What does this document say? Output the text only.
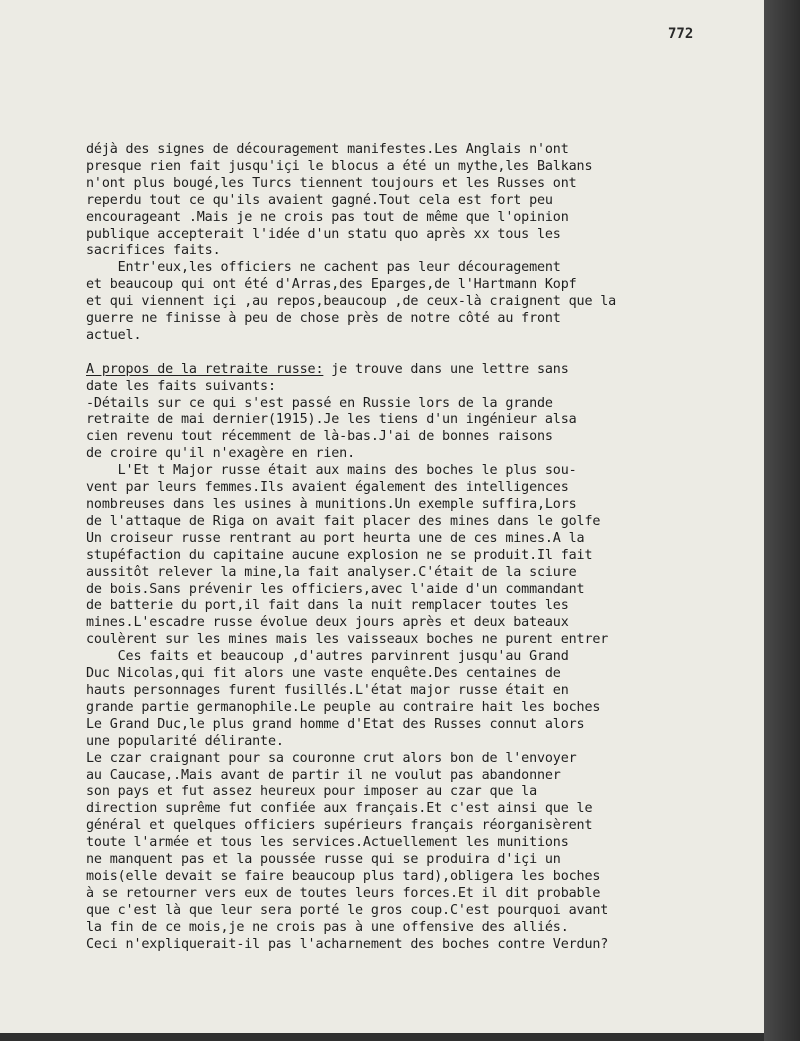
772
déjà des signes de découragement manifestes.Les Anglais n'ont
presque rien fait jusqu'içi le blocus a été un mythe,les Balkans
n'ont plus bougé,les Turcs tiennent toujours et les Russes ont
reperdu tout ce qu'ils avaient gagné.Tout cela est fort peu
encourageant .Mais je ne crois pas tout de même que l'opinion
publique accepterait l'idée d'un statu quo après xx tous les
sacrifices faits.
Entr'eux,les officiers ne cachent pas leur découragement
et beaucoup qui ont été d'Arras,des Eparges,de l'Hartmann Kopf
et qui viennent içi ,au repos,beaucoup ,de ceux-là craignent que la
guerre ne finisse à peu de chose près de notre côté au front
actuel.
A propos de la retraite russe: je trouve dans une lettre sans
date les faits suivants:
-Détails sur ce qui s'est passé en Russie lors de la grande
retraite de mai dernier(1915).Je les tiens d'un ingénieur alsa
cien revenu tout récemment de là-bas.J'ai de bonnes raisons
de croire qu'il n'exagère en rien.
L'Et t Major russe était aux mains des boches le plus sou-
vent par leurs femmes.Ils avaient également des intelligences
nombreuses dans les usines à munitions.Un exemple suffira,Lors
de l'attaque de Riga on avait fait placer des mines dans le golfe
Un croiseur russe rentrant au port heurta une de ces mines.A la
stupéfaction du capitaine aucune explosion ne se produit.Il fait
aussitôt relever la mine,la fait analyser.C'était de la sciure
de bois.Sans prévenir les officiers,avec l'aide d'un commandant
de batterie du port,il fait dans la nuit remplacer toutes les
mines.L'escadre russe évolue deux jours après et deux bateaux
coulèrent sur les mines mais les vaisseaux boches ne purent entrer
Ces faits et beaucoup ,d'autres parvinrent jusqu'au Grand
Duc Nicolas,qui fit alors une vaste enquête.Des centaines de
hauts personnages furent fusillés.L'état major russe était en
grande partie germanophile.Le peuple au contraire hait les boches
Le Grand Duc,le plus grand homme d'Etat des Russes connut alors
une popularité délirante.
Le czar craignant pour sa couronne crut alors bon de l'envoyer
au Caucase,.Mais avant de partir il ne voulut pas abandonner
son pays et fut assez heureux pour imposer au czar que la
direction suprême fut confiée aux français.Et c'est ainsi que le
général et quelques officiers supérieurs français réorganisèrent
toute l'armée et tous les services.Actuellement les munitions
ne manquent pas et la poussée russe qui se produira d'içi un
mois(elle devait se faire beaucoup plus tard),obligera les boches
à se retourner vers eux de toutes leurs forces.Et il dit probable
que c'est là que leur sera porté le gros coup.C'est pourquoi avant
la fin de ce mois,je ne crois pas à une offensive des alliés.
Ceci n'expliquerait-il pas l'acharnement des boches contre Verdun?
